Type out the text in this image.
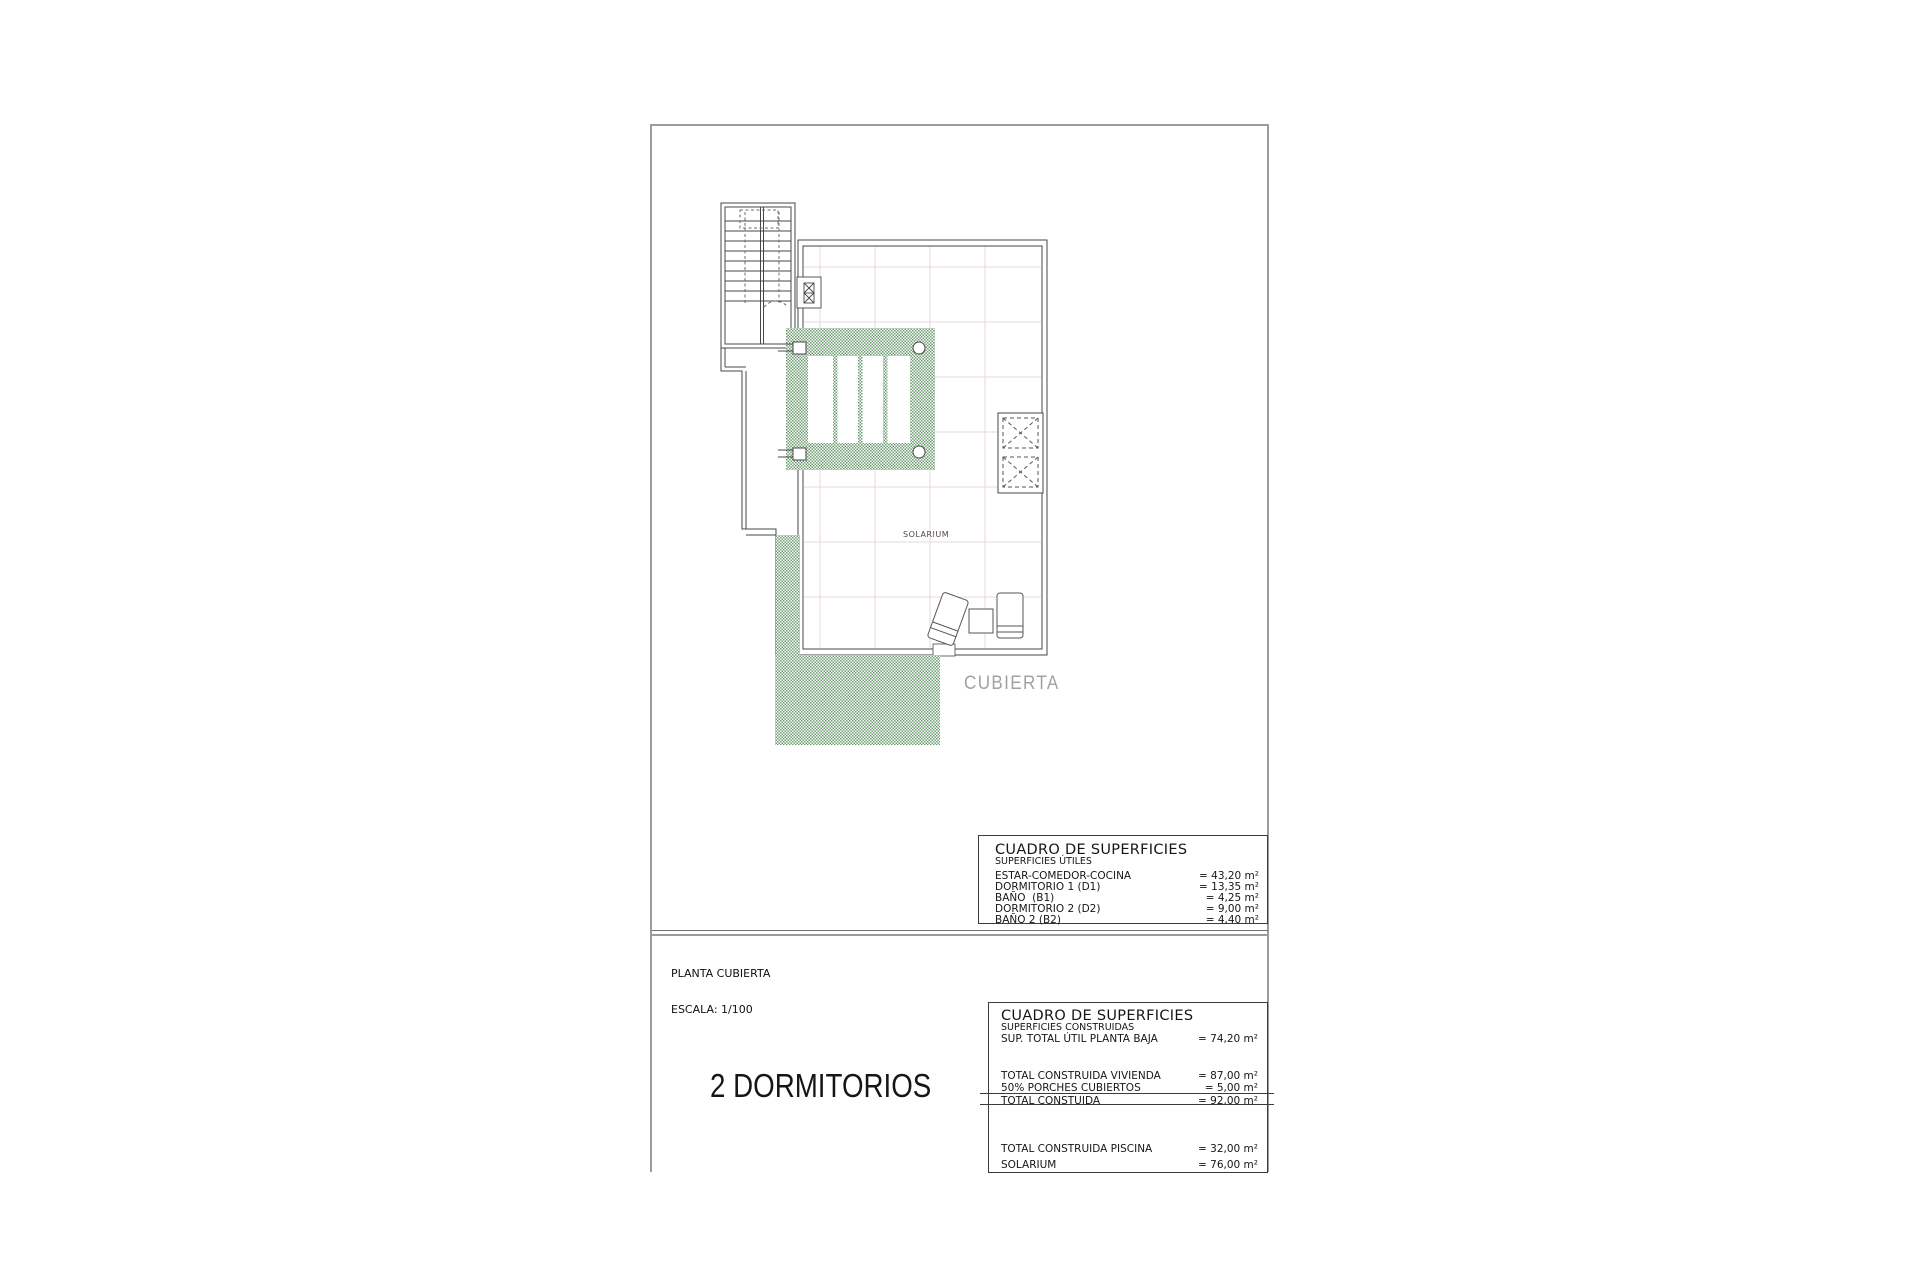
SOLARIUM
CUBIERTA

PLANTA CUBIERTA

ESCALA: 1/100

2 DORMITORIOS
CUADRO DE SUPERFICIES
SUPERFICIES ÚTILES
ESTAR-COMEDOR-COCINA	= 43,20 m²
DORMITORIO 1 (D1)	= 13,35 m²
BAÑO  (B1)	= 4,25 m²
DORMITORIO 2 (D2)	= 9,00 m²
BAÑO 2 (B2)	= 4,40 m²
CUADRO DE SUPERFICIES
SUPERFICIES CONSTRUIDAS
SUP. TOTAL ÚTIL PLANTA BAJA	= 74,20 m²
TOTAL CONSTRUIDA VIVIENDA	= 87,00 m²
50% PORCHES CUBIERTOS	= 5,00 m²
TOTAL CONSTUIDA	= 92,00 m²
TOTAL CONSTRUIDA PISCINA	= 32,00 m²
SOLARIUM	= 76,00 m²
